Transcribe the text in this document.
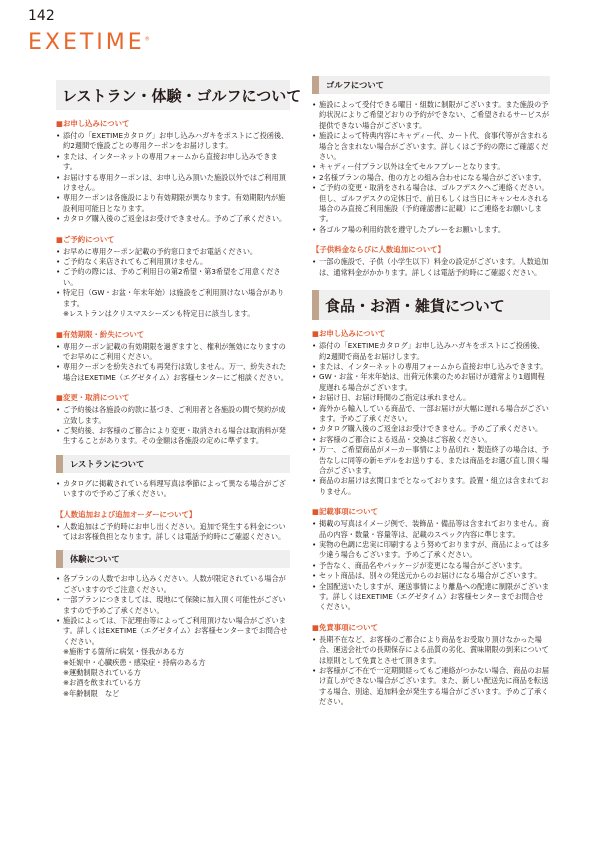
142
EXETIME®
レストラン・体験・ゴルフについて
■お申し込みについて
• 添付の「EXETIMEカタログ」お申し込みハガキをポストにご投函後、約2週間で施設ごとの専用クーポンをお届けします。
• または、インターネットの専用フォームから直接お申し込みできます。
• お届けする専用クーポンは、お申し込み頂いた施設以外ではご利用頂けません。
• 専用クーポンは各施設により有効期限が異なります。有効期限内が施設利用可能日となります。
• カタログ購入後のご返金はお受けできません。予めご了承ください。
■ご予約について
• お早めに専用クーポン記載の予約窓口までお電話ください。
• ご予約なく来店されてもご利用頂けません。
• ご予約の際には、予めご利用日の第2希望・第3希望をご用意ください。
• 特定日（GW・お盆・年末年始）は施設をご利用頂けない場合があります。
※レストランはクリスマスシーズンも特定日に該当します。
■有効期限・紛失について
• 専用クーポン記載の有効期限を過ぎますと、権利が無効になりますのでお早めにご利用ください。
• 専用クーポンを紛失されても再発行は致しません。万一、紛失された場合はEXETIME（エグゼタイム）お客様センターにご相談ください。
■変更・取消について
• ご予約後は各施設の約款に基づき、ご利用者と各施設の間で契約が成立致します。
• ご契約後、お客様のご都合により変更・取消される場合は取消料が発生することがあります。その金額は各施設の定めに準ずます。
レストランについて
• カタログに掲載されている料理写真は季節によって異なる場合がございますので予めご了承ください。
【人数追加および追加オーダーについて】
• 人数追加はご予約時にお申し出ください。追加で発生する料金についてはお客様負担となります。詳しくは電話予約時にご確認ください。
体験について
• 各プランの人数でお申し込みください。人数が限定されている場合がございますのでご注意ください。
• 一部プランにつきましては、現地にて保険に加入頂く可能性がございますので予めご了承ください。
• 施設によっては、下記理由等によってご利用頂けない場合がございます。詳しくはEXETIME（エグゼタイム）お客様センターまでお問合せください。
※施術する箇所に病気・怪我がある方
※妊娠中・心臓疾患・感染症・持病のある方
※運動制限されている方
※お酒を飲まれている方
※年齢制限　など
ゴルフについて
• 施設によって受付できる曜日・組数に制限がございます。また施設の予約状況によりご希望どおりの予約ができない、ご希望されるサービスが提供できない場合がございます。
• 施設によって特典内容にキャディー代、カート代、食事代等が含まれる場合と含まれない場合がございます。詳しくはご予約の際にご確認ください。
• キャディー付プラン以外は全てセルフプレーとなります。
• 2名様プランの場合、他の方との組み合わせになる場合がございます。
• ご予約の変更・取消をされる場合は、ゴルフデスクへご連絡ください。但し、ゴルフデスクの定休日で、前日もしくは当日にキャンセルされる場合のみ直接ご利用施設（予約確認書に記載）にご連絡をお願いします。
• 各ゴルフ場の利用約款を遵守したプレーをお願いします。
【子供料金ならびに人数追加について】
• 一部の施設で、子供（小学生以下）料金の設定がございます。人数追加は、通常料金がかかります。詳しくは電話予約時にご確認ください。
食品・お酒・雑貨について
■お申し込みについて
• 添付の「EXETIMEカタログ」お申し込みハガキをポストにご投函後、約2週間で商品をお届けします。
• または、インターネットの専用フォームから直接お申し込みできます。
• GW・お盆・年末年始は、出荷元休業のためお届けが通常より1週間程度遅れる場合がございます。
• お届け日、お届け時間のご指定は承れません。
• 海外から輸入している商品で、一部お届けが大幅に遅れる場合がございます。予めご了承ください。
• カタログ購入後のご返金はお受けできません。予めご了承ください。
• お客様のご都合による返品・交換はご容赦ください。
• 万一、ご希望商品がメーカー事情により品切れ・製造終了の場合は、予告なしに同等の新モデルをお送りする、または商品をお選び直し頂く場合がございます。
• 商品のお届けは玄関口までとなっております。設置・組立は含まれておりません。
■記載事項について
• 掲載の写真はイメージ例で、装飾品・備品等は含まれておりません。商品の内容・数量・容量等は、記載のスペック内容に準じます。
• 実物の色調に忠実に印刷するよう努めておりますが、商品によっては多少違う場合もございます。予めご了承ください。
• 予告なく、商品名やパッケージが変更になる場合がございます。
• セット商品は、別々の発送元からのお届けになる場合がございます。
• 全国配送いたしますが、運送事情により離島への配達に制限がございます。詳しくはEXETIME（エグゼタイム）お客様センターまでお問合せください。
■免責事項について
• 長期不在など、お客様のご都合により商品をお受取り頂けなかった場合、運送会社での長期保存による品質の劣化、賞味期限の到来については原則として免責とさせて頂きます。
• お客様がご不在で一定期間経ってもご連絡がつかない場合、商品のお届け直しができない場合がございます。また、新しい配送先に商品を転送する場合、別途、追加料金が発生する場合がございます。予めご了承ください。
